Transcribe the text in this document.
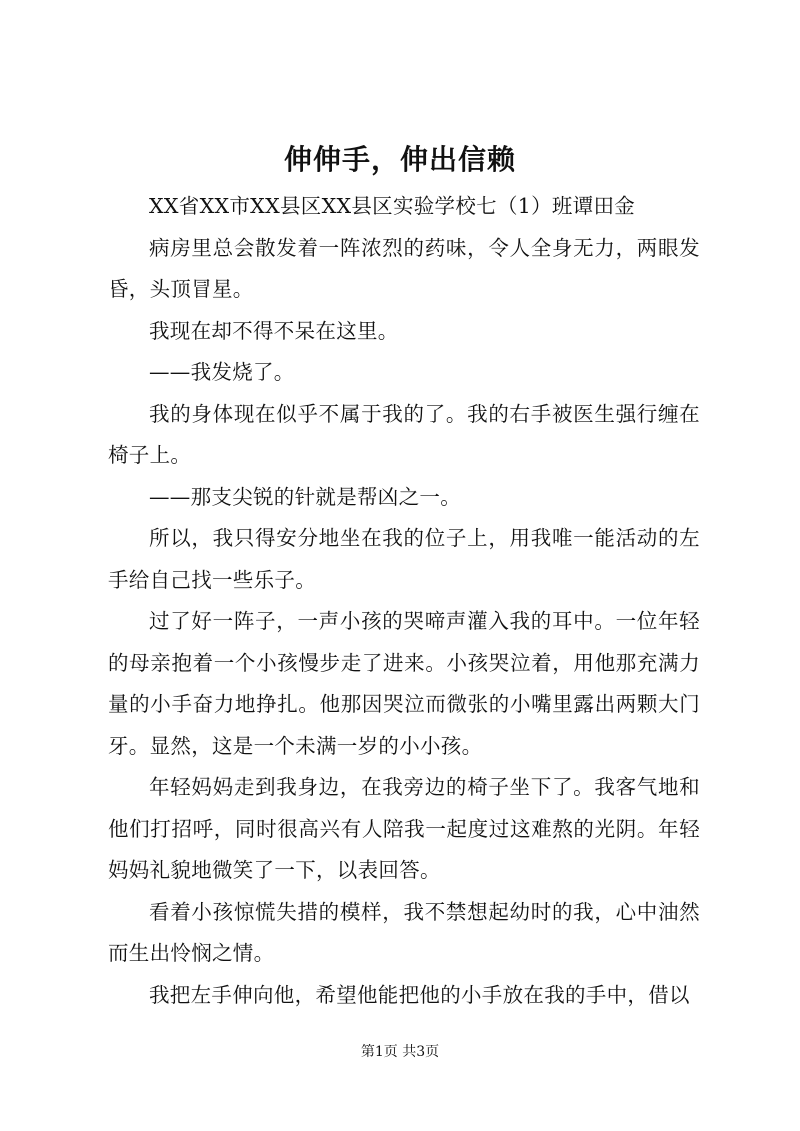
伸伸手，伸出信赖

XX省XX市XX县区XX县区实验学校七（1）班谭田金

病房里总会散发着一阵浓烈的药味，令人全身无力，两眼发昏，头顶冒星。

我现在却不得不呆在这里。

——我发烧了。

我的身体现在似乎不属于我的了。我的右手被医生强行缠在椅子上。

——那支尖锐的针就是帮凶之一。

所以，我只得安分地坐在我的位子上，用我唯一能活动的左手给自己找一些乐子。

过了好一阵子，一声小孩的哭啼声灌入我的耳中。一位年轻的母亲抱着一个小孩慢步走了进来。小孩哭泣着，用他那充满力量的小手奋力地挣扎。他那因哭泣而微张的小嘴里露出两颗大门牙。显然，这是一个未满一岁的小小孩。

年轻妈妈走到我身边，在我旁边的椅子坐下了。我客气地和他们打招呼，同时很高兴有人陪我一起度过这难熬的光阴。年轻妈妈礼貌地微笑了一下，以表回答。

看着小孩惊慌失措的模样，我不禁想起幼时的我，心中油然而生出怜悯之情。

我把左手伸向他，希望他能把他的小手放在我的手中，借以

第1页 共3页
